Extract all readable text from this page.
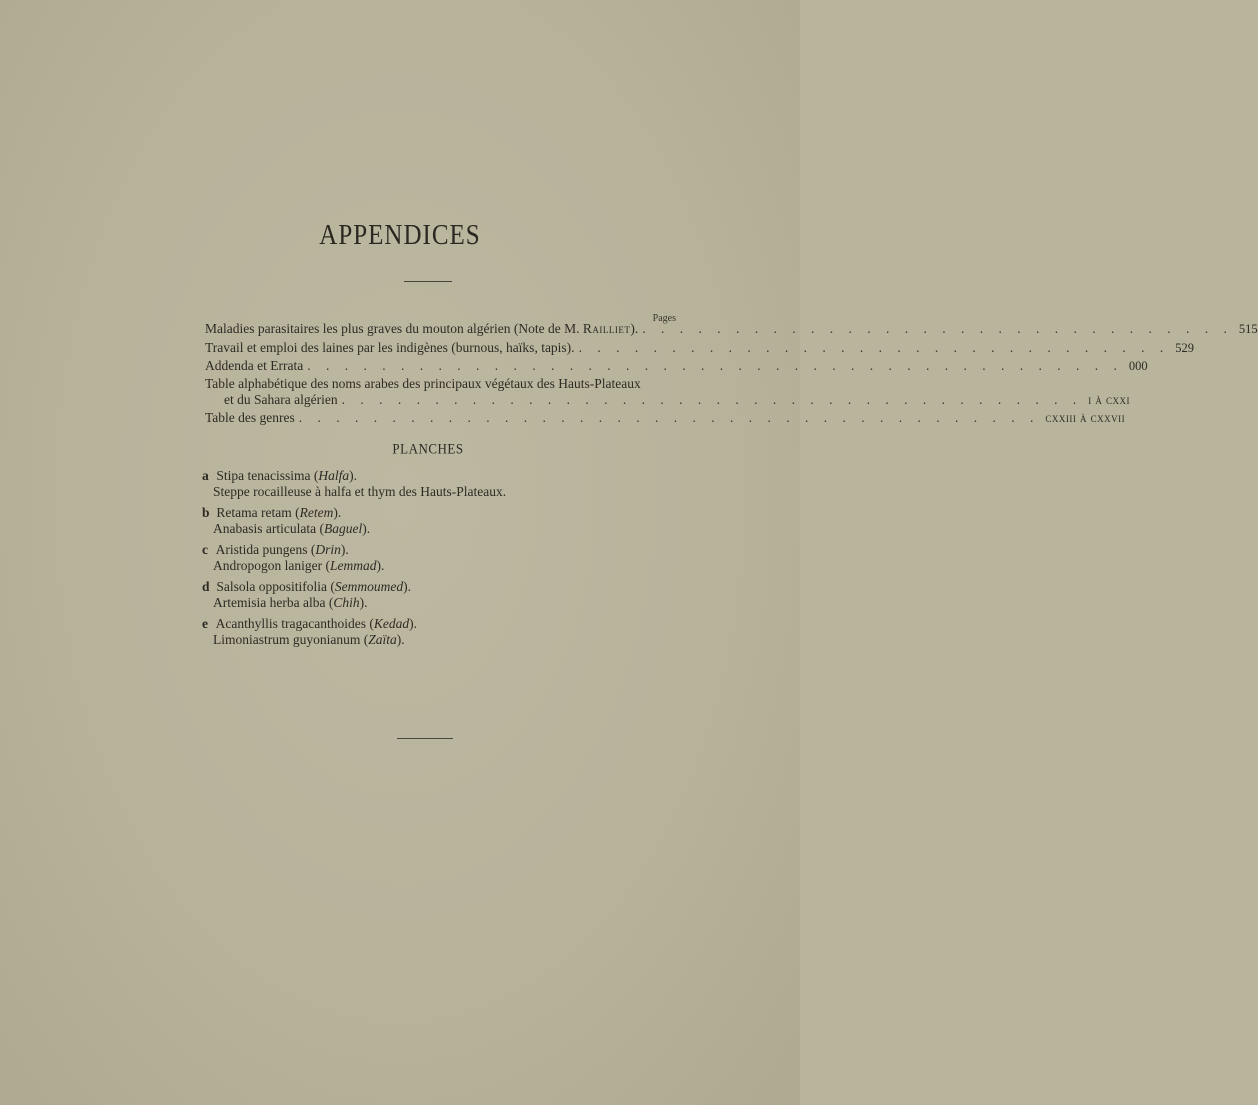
APPENDICES
Pages
Maladies parasitaires les plus graves du mouton algérien (Note de M. Railliet). . . . . . . . . . . . . . . . . . . . . . . . . . . . . . . . . 515
Travail et emploi des laines par les indigènes (burnous, haïks, tapis). . . . . . . . . . . . . . . . . . . . . . . . . . . . . . . . . 529
Addenda et Errata . . . . . . . . . . . . . . . . . . . . . . . . . . . . . . . . . . . . . . . . . . . . 000
Table alphabétique des noms arabes des principaux végétaux des Hauts-Plateaux
et du Sahara algérien . . . . . . . . . . . . . . . . . . . . . . . . . . . . . . . . . . . . . . . . i à cxxi
Table des genres . . . . . . . . . . . . . . . . . . . . . . . . . . . . . . . . . . . . . . . . cxxiii à cxxvii
PLANCHES
a Stipa tenacissima (Halfa).
Steppe rocailleuse à halfa et thym des Hauts-Plateaux.
b Retama retam (Retem).
Anabasis articulata (Baguel).
c Aristida pungens (Drin).
Andropogon laniger (Lemmad).
d Salsola oppositifolia (Semmoumed).
Artemisia herba alba (Chih).
e Acanthyllis tragacanthoides (Kedad).
Limoniastrum guyonianum (Zaïta).
